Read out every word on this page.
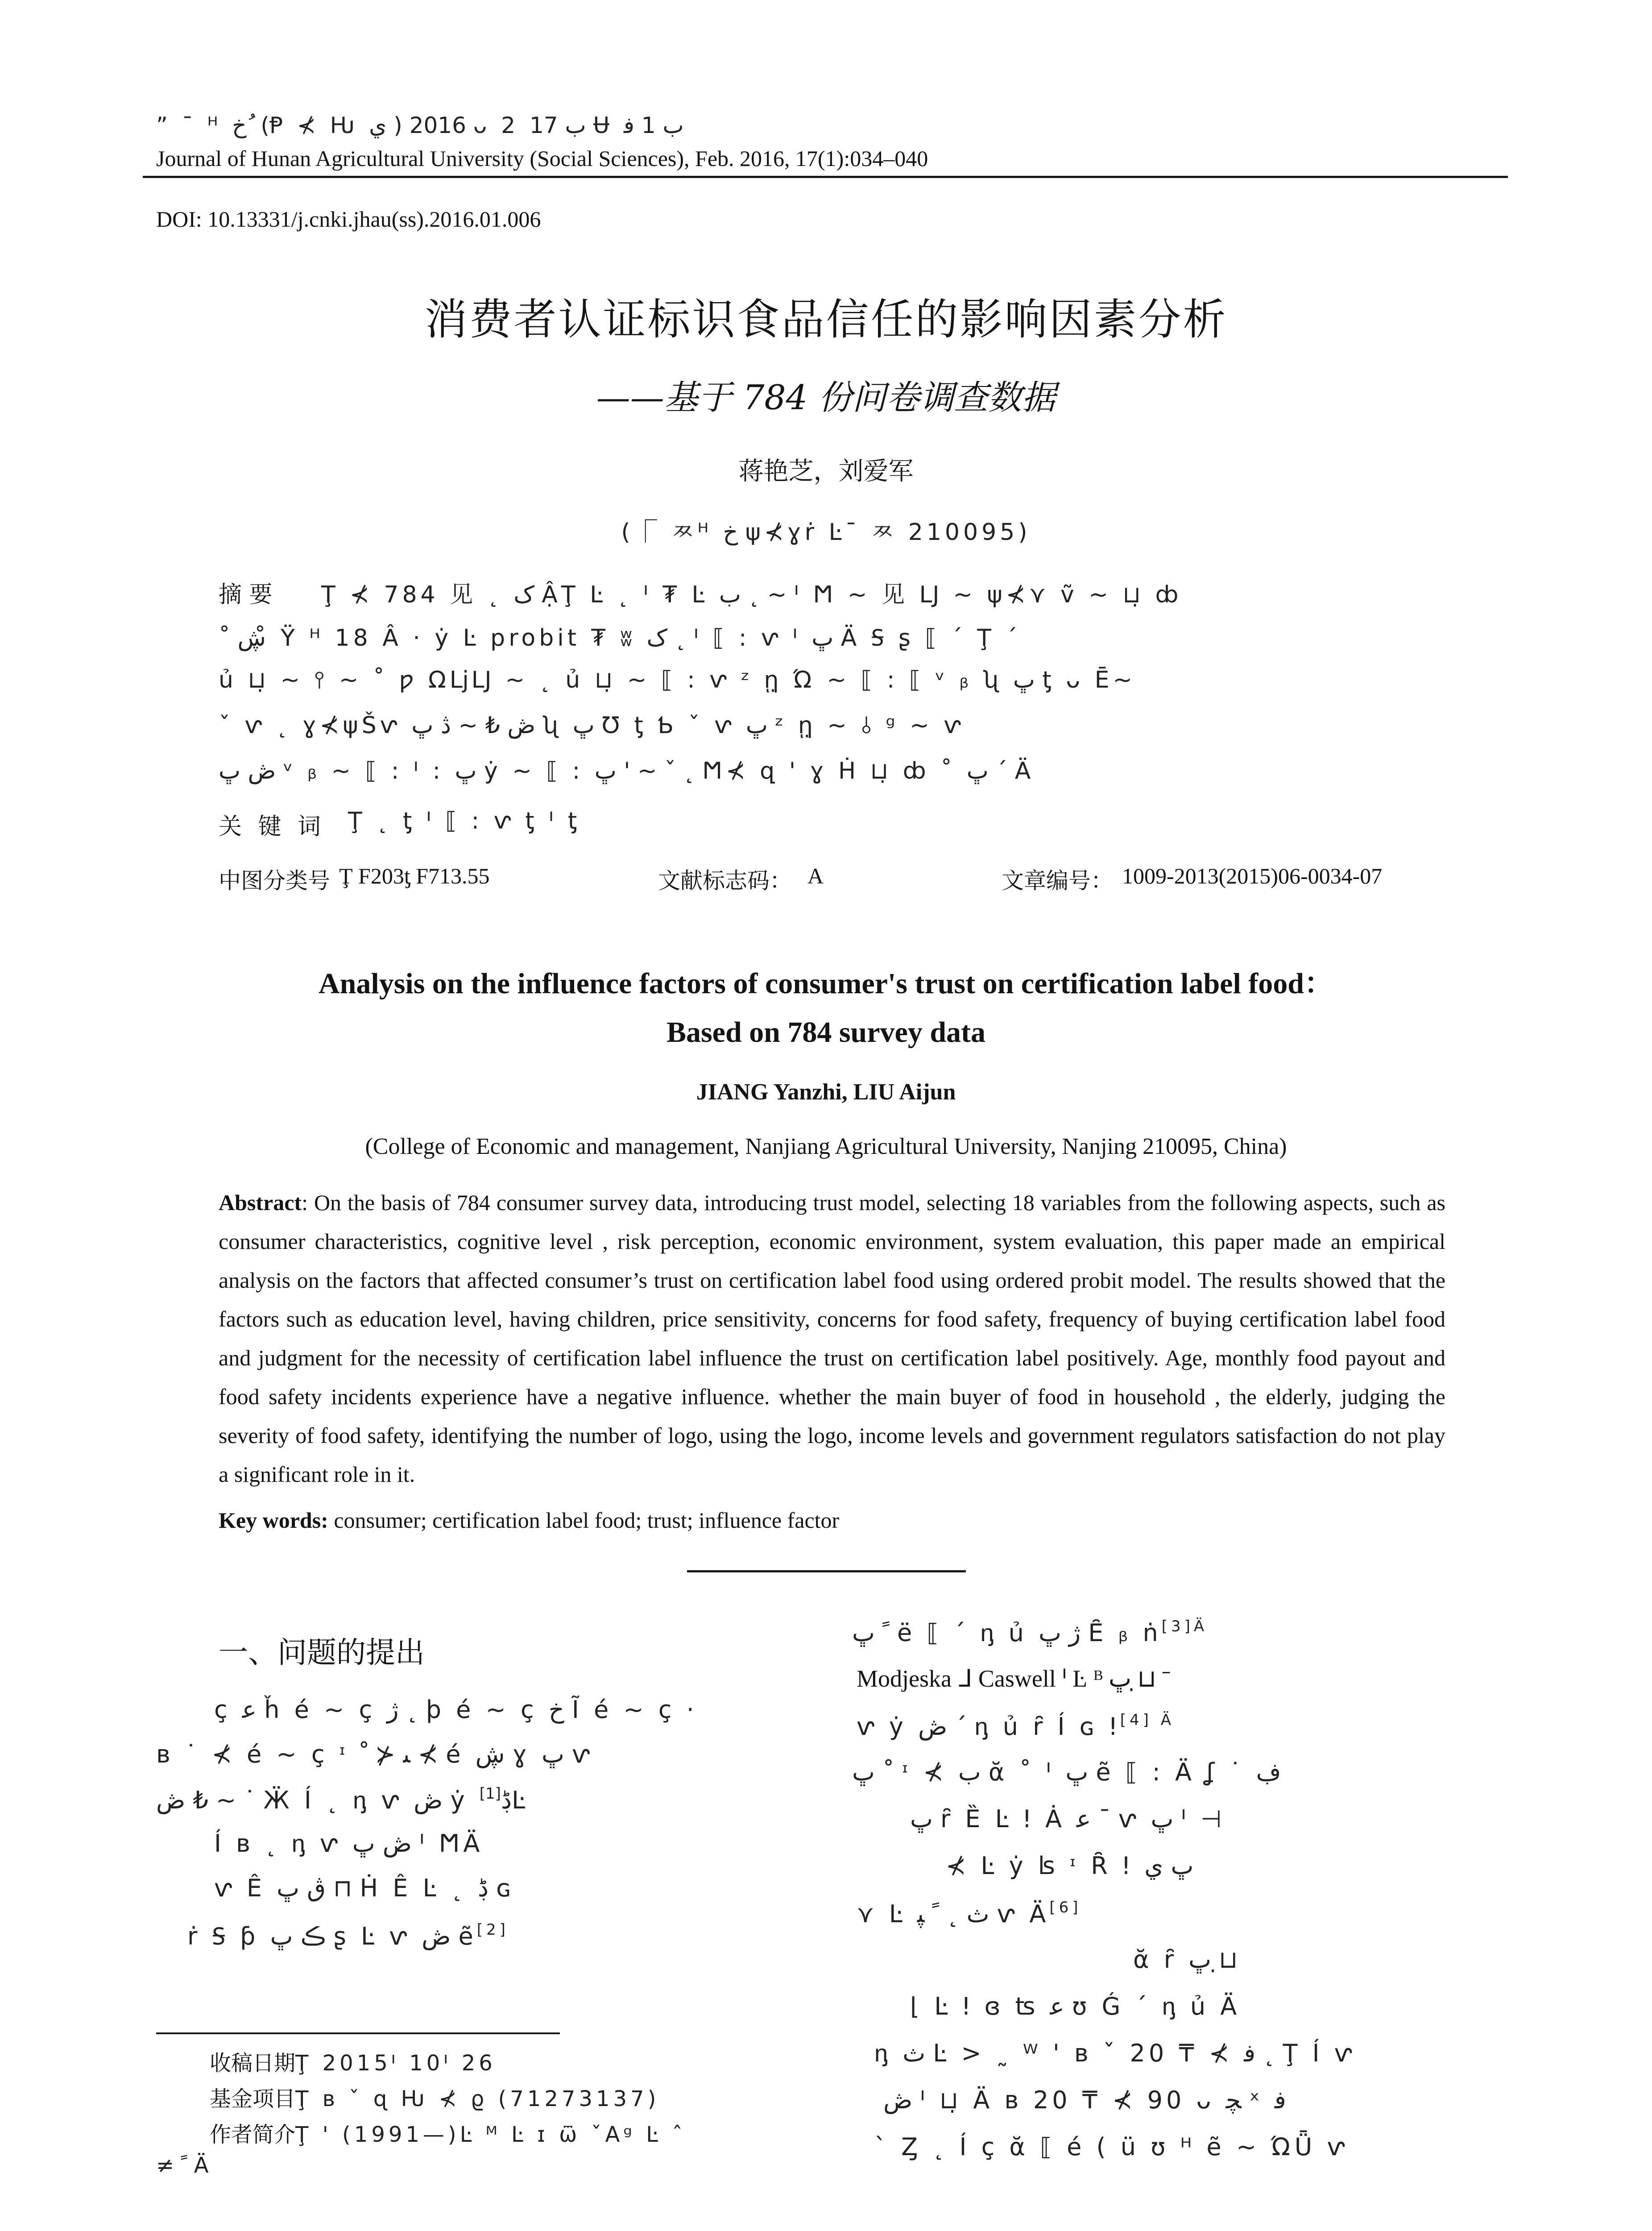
” ¯ ᴴ خ ُ (Ᵽ ⊀ Ƕ ي ) 2016 ᴗ 2 ب 17 Ʉ ب 1 ﻓ
Journal of Hunan Agricultural University (Social Sciences), Feb. 2016, 17(1):034–040
DOI: 10.13331/j.cnki.jhau(ss).2016.01.006
消费者认证标识食品信任的影响因素分析
——基于 784 份问卷调查数据
蒋艳芝，刘爱军
(⎾ ㅉᴴ خ ψ⊀ɣṙ Ŀ¯ ㅉ 210095)
摘 要 Ţ ⊀ 784 ⻅ ˛ ک ẬŢ Ŀ ˛ ᑊ ₮ Ŀ ب ˛ ~ ᑊ Ϻ ~ ⻅ Ǉ ~ ψ⊀⋎ ṽ ~ ⊔̣ ȸ
˚ ڜ ̊ Ÿ ᴴ 18 Â · ẏ Ŀ probit ₮ ʬ ک ˛ ᑊ ⟦ : ⱱ ᑊ ڀ Ä Ꟊ ʂ ⟦ ´ Ţ ´
ủ ⊔̣ ~ ⫯ ~ ˚ ƿ ΩǈǇ ~ ˛ ủ ⊔̣ ~ ⟦ : ⱱ ᶻ ῃ̣ Ώ ~ ⟦ : ⟦ ᵛ ᵦ ʯ ڀ ƫ ᴗ Ē~
ˇ ⱱ ˛ ɣ⊀ψŠⱱ ڞ ₺ ~ ڎ ڀ ʯ ڀ Ʊ ƫ Ƅ ˇ ⱱ ڀ ᶻ ῃ̣ ~ ⫰ ᵍ ~ ⱱ
ڞ ڀ ᵛ ᵦ ~ ⟦ : ᑊ : ڀ ẏ ~ ⟦ : ڀ ' ~ ˇ ˛ Ϻ⊀ զ ' ɣ Ḣ ⊔̣ ȸ ˚ ڀ ´ Ä
关 键 词 Ţ ˛ ƫ ᑊ ⟦ : ⱱ ƫ ᑊ ƫ
中图分类号 Ţ F203ƫ F713.55	文献标志码： A	文章编号： 1009-2013(2015)06-0034-07
Analysis on the influence factors of consumer's trust on certification label food：
Based on 784 survey data
JIANG Yanzhi, LIU Aijun
(College of Economic and management, Nanjiang Agricultural University, Nanjing 210095, China)
Abstract: On the basis of 784 consumer survey data, introducing trust model, selecting 18 variables from the following aspects, such as consumer characteristics, cognitive level , risk perception, economic environment, system evaluation, this paper made an empirical analysis on the factors that affected consumer’s trust on certification label food using ordered probit model. The results showed that the factors such as education level, having children, price sensitivity, concerns for food safety, frequency of buying certification label food and judgment for the necessity of certification label influence the trust on certification label positively. Age, monthly food payout and food safety incidents experience have a negative influence. whether the main buyer of food in household , the elderly, judging the severity of food safety, identifying the number of logo, using the logo, income levels and government regulators satisfaction do not play a significant role in it.
Key words: consumer; certification label food; trust; influence factor
一、问题的提出
ç ﻋ ȟ é ~ ç ژ ˛ þ é ~ ç خ Ĩ é ~ ç ·
ʙ ˙ ⊀ é ~ ç ᶦ ﯩ ⊀ ﹾ ⊀ é ڜ ɣ ڀ ⱱ
ڞ ₺ ~ ˙ Ӝ Í ˛ ᶇ ⱱ ڞ ẏ ڋ[1] Ŀ
Í ʙ ˛ ᶇ ⱱ ڞ ڀ ᑊ ϺÄ
ⱱ Ê ڨ ڀ ⊓ Ḣ Ê Ŀ ˛ ڋ ɢ
ṙ Ꟊ ƥ ڪ ڀ ʂ Ŀ ⱱ ڞ ẽ[2]
收稿日期Ţ 2015ᑊ 10ᑊ 26
基金项目Ţ ʙ ˇ ɋ Ƕ ⊀ ϱ (71273137)
作者简介Ţ ' (1991—)Ŀ ᴹ Ŀ ɪ ѿ ˇAᵍ Ŀ ˆ
≠ ﹰ Ä
ﹰ ڀ ë ⟦ ´ ᶇ ủ ژ ڀ Ȇ ᵦ ṅ$^{[3]Ä}$
Modjeska ᒧ Caswell ᑊ Ŀ ᴮ ڀ ⊔̣ ˉ
ⱱ ẏ ڞ ´ ᶇ ủ ȓ Í ɢ $ǃ^{[4] Ä}$
ڀ ˚ ᶦ ⊀ ب ᾰ ˚ ᑊ ڀ ẽ ⟦ : Ä ʆ ˙ ڣ
ڀ ȓ Ȅ Ŀ ǃ Ȧ ﻋ ¯ ⱱ ڀ ᑊ ⊣
⊀ Ŀ ẏ ʪ ᶦ Ȓ ǃ ڀ ي
⋎ Ŀ ث ˛ ﹰ ﭙ ⱱ Ä[6]
ᾰ ȓ ڀ ⊔̣
⌊ Ŀ ǃ ɞ ʦ ﻋ ʊ Ǵ ´ ᶇ ủ Ä
ᶇ ث Ŀ > ˷ ᵂ ' ʙ ˇ 20 ₸ ⊀ ﻓ ˛ Ţ Í ⱱ
ڞ ᑊ ⊔̣ Ä ʙ 20 ₸ ⊀ 90 ᴗ ﭽ ˣ ﻓ
ˋ Ȥ ˛ Í ç ᾰ ⟦ é ( ü ʊ ᴴ ẽ ~ ΏǕ ⱱ
